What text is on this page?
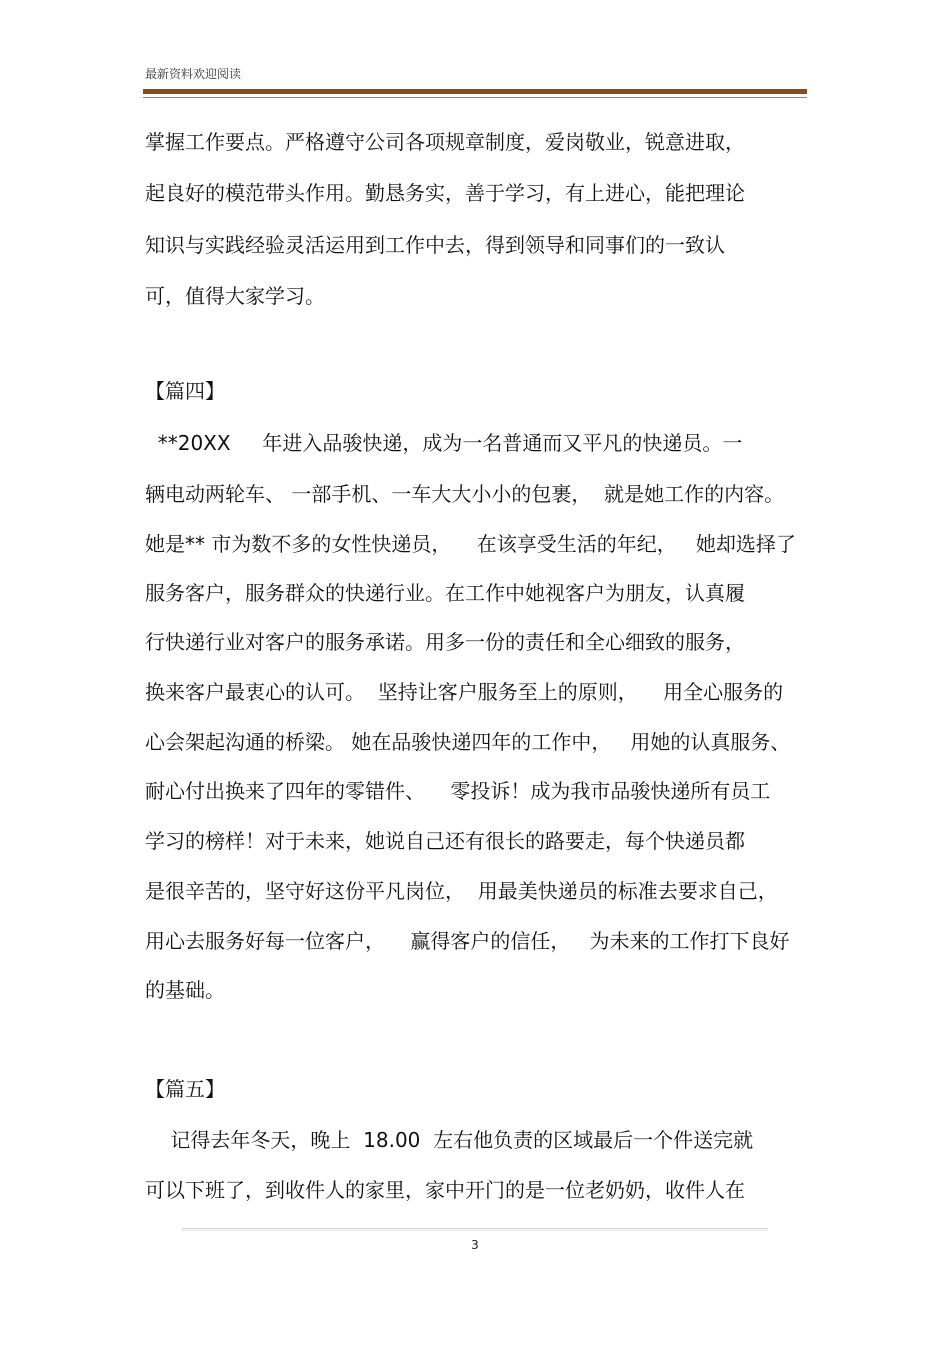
最新资料欢迎阅读
掌握工作要点。严格遵守公司各项规章制度，爱岗敬业，锐意进取，
起良好的模范带头作用。勤恳务实，善于学习，有上进心，能把理论
知识与实践经验灵活运用到工作中去，得到领导和同事们的一致认
可，值得大家学习。
【篇四】
**20XX     年进入品骏快递，成为一名普通而又平凡的快递员。一
辆电动两轮车、 一部手机、一车大大小小的包裹，  就是她工作的内容。
她是** 市为数不多的女性快递员，    在该享受生活的年纪，   她却选择了
服务客户，服务群众的快递行业。在工作中她视客户为朋友，认真履
行快递行业对客户的服务承诺。用多一份的责任和全心细致的服务，
换来客户最衷心的认可。  坚持让客户服务至上的原则，    用全心服务的
心会架起沟通的桥梁。 她在品骏快递四年的工作中，   用她的认真服务、
耐心付出换来了四年的零错件、    零投诉！成为我市品骏快递所有员工
学习的榜样！对于未来，她说自己还有很长的路要走，每个快递员都
是很辛苦的，坚守好这份平凡岗位，  用最美快递员的标准去要求自己，
用心去服务好每一位客户，    赢得客户的信任，   为未来的工作打下良好
的基础。
【篇五】
记得去年冬天，晚上  18.00  左右他负责的区域最后一个件送完就
可以下班了，到收件人的家里，家中开门的是一位老奶奶，收件人在
3
